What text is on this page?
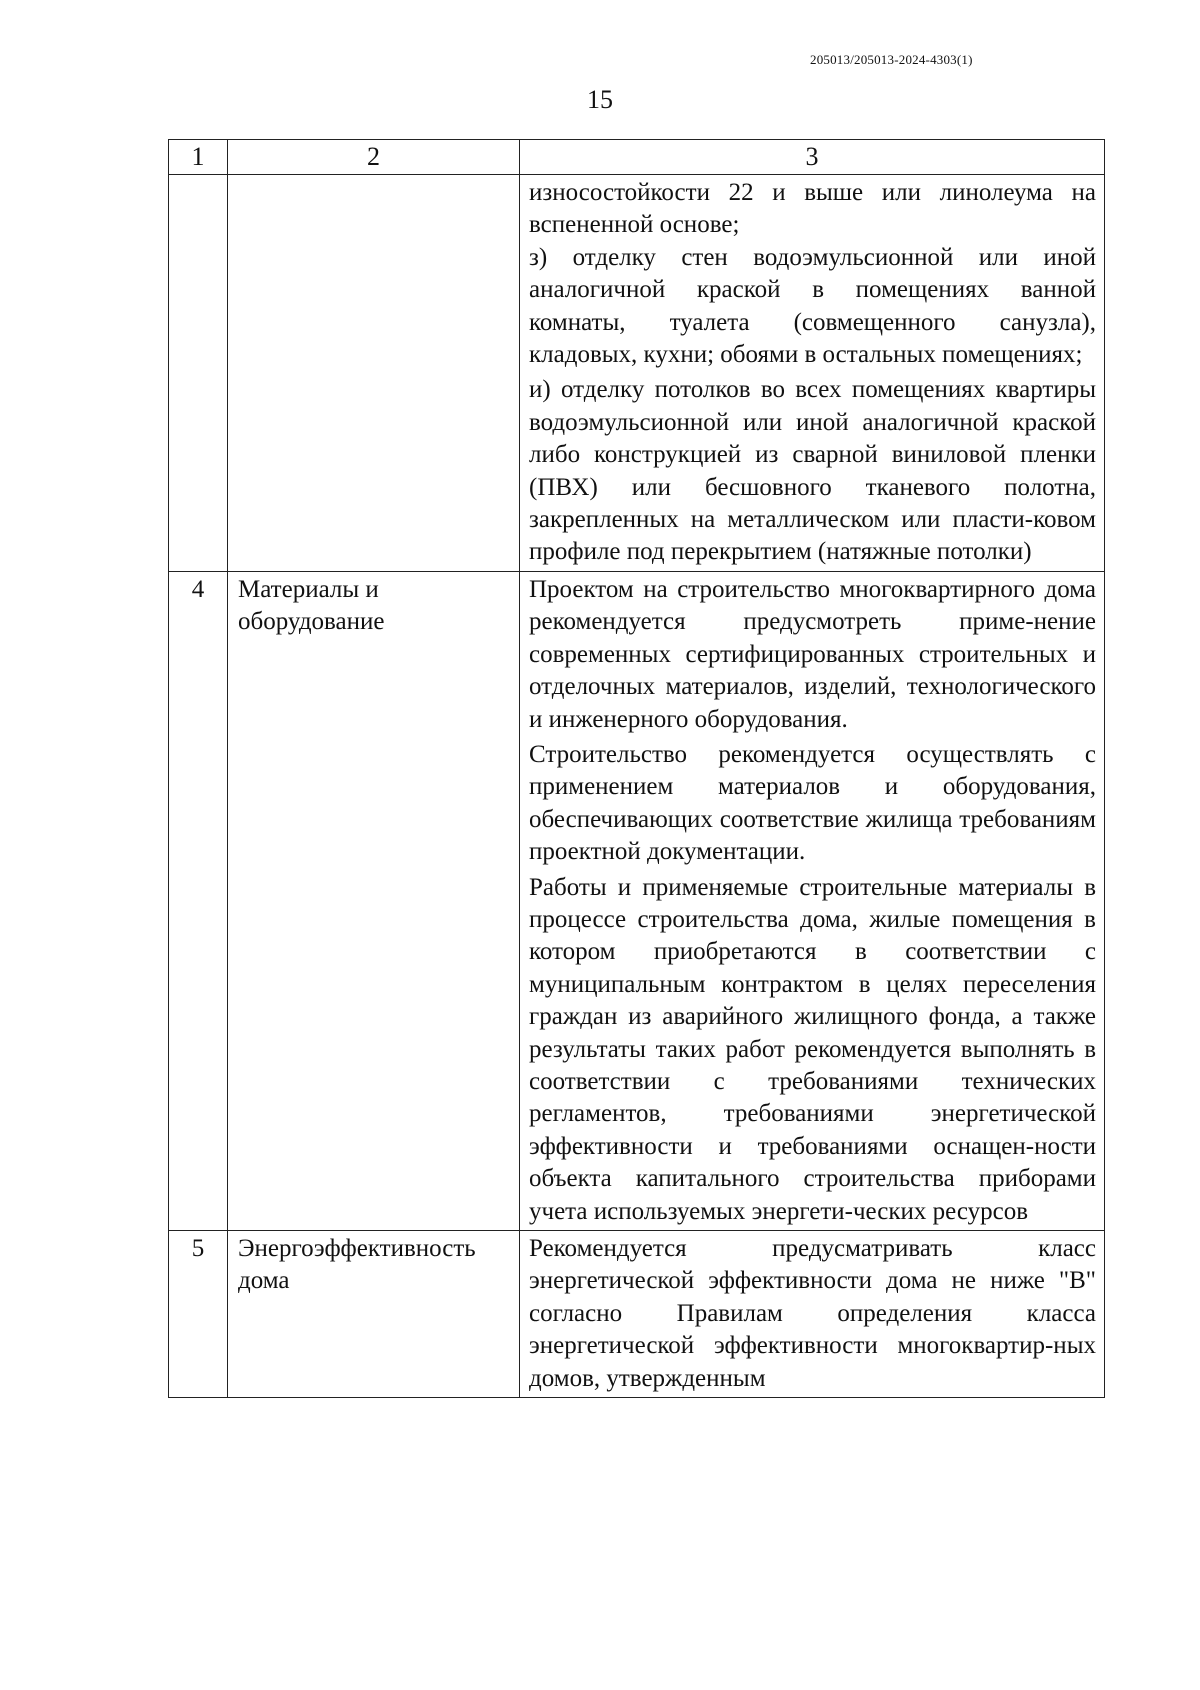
205013/205013-2024-4303(1)
15
1	2	3

		износостойкости 22 и выше или линолеума на вспененной основе;

з) отделку стен водоэмульсионной или иной аналогичной краской в помещениях ванной комнаты, туалета (совмещенного санузла), кладовых, кухни; обоями в остальных помещениях;

и) отделку потолков во всех помещениях квартиры водоэмульсионной или иной аналогичной краской либо конструкцией из сварной виниловой пленки (ПВХ) или бесшовного тканевого полотна, закрепленных на металлическом или пласти-ковом профиле под перекрытием (натяжные потолки)

4	Материалы и оборудование	Проектом на строительство многоквартирного дома рекомендуется предусмотреть приме-нение современных сертифицированных строительных и отделочных материалов, изделий, технологического и инженерного оборудования.

Строительство рекомендуется осуществлять с применением материалов и оборудования, обеспечивающих соответствие жилища требованиям проектной документации.

Работы и применяемые строительные материалы в процессе строительства дома, жилые помещения в котором приобретаются в соответствии с муниципальным контрактом в целях переселения граждан из аварийного жилищного фонда, а также результаты таких работ рекомендуется выполнять в соответствии с требованиями технических регламентов, требованиями энергетической эффективности и требованиями оснащен-ности объекта капитального строительства приборами учета используемых энергети-ческих ресурсов

5	Энергоэффективность дома	Рекомендуется предусматривать класс энергетической эффективности дома не ниже "B" согласно Правилам определения класса энергетической эффективности многоквартир-ных домов, утвержденным
